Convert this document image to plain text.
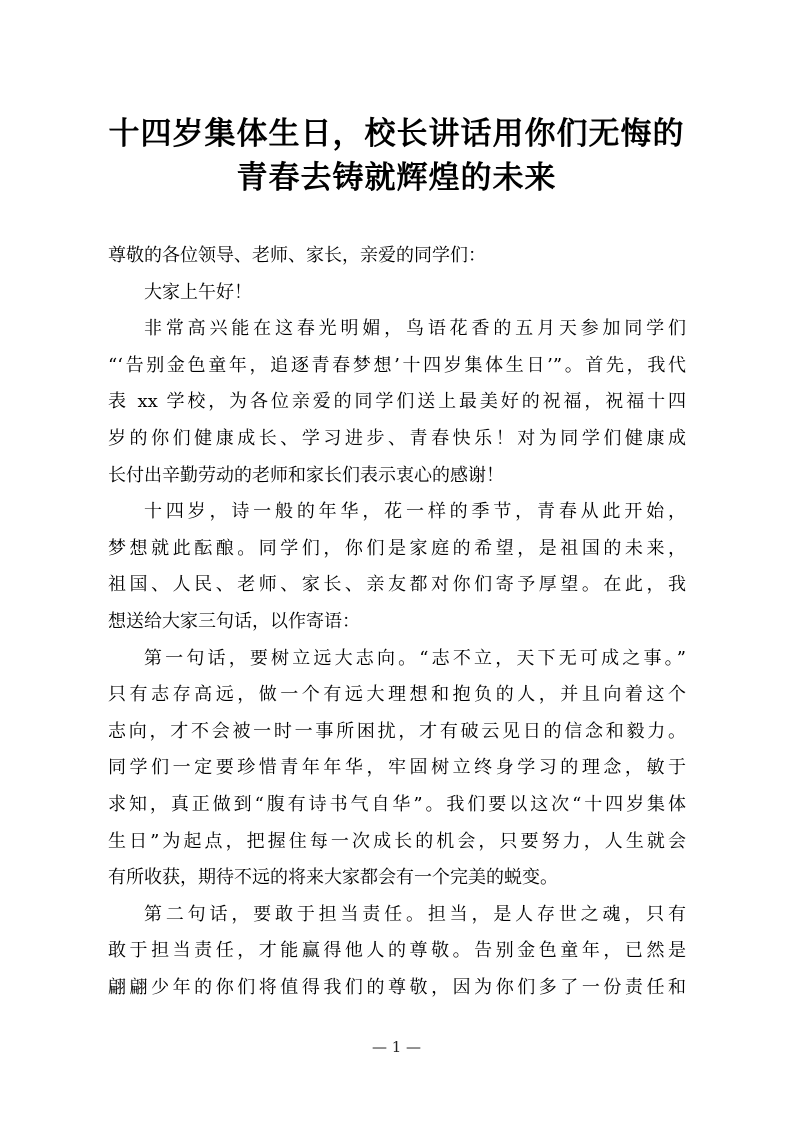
十四岁集体生日，校长讲话用你们无悔的
青春去铸就辉煌的未来
尊敬的各位领导、老师、家长，亲爱的同学们：
大家上午好！
非常高兴能在这春光明媚，鸟语花香的五月天参加同学们
“‘告别金色童年，追逐青春梦想’十四岁集体生日’”。首先，我代
表 xx 学校，为各位亲爱的同学们送上最美好的祝福，祝福十四
岁的你们健康成长、学习进步、青春快乐！对为同学们健康成
长付出辛勤劳动的老师和家长们表示衷心的感谢！
十四岁，诗一般的年华，花一样的季节，青春从此开始，
梦想就此酝酿。同学们，你们是家庭的希望，是祖国的未来，
祖国、人民、老师、家长、亲友都对你们寄予厚望。在此，我
想送给大家三句话，以作寄语：
第一句话，要树立远大志向。“志不立，天下无可成之事。”
只有志存高远，做一个有远大理想和抱负的人，并且向着这个
志向，才不会被一时一事所困扰，才有破云见日的信念和毅力。
同学们一定要珍惜青年年华，牢固树立终身学习的理念，敏于
求知，真正做到“腹有诗书气自华”。我们要以这次“十四岁集体
生日”为起点，把握住每一次成长的机会，只要努力，人生就会
有所收获，期待不远的将来大家都会有一个完美的蜕变。
第二句话，要敢于担当责任。担当，是人存世之魂，只有
敢于担当责任，才能赢得他人的尊敬。告别金色童年，已然是
翩翩少年的你们将值得我们的尊敬，因为你们多了一份责任和
— 1 —
